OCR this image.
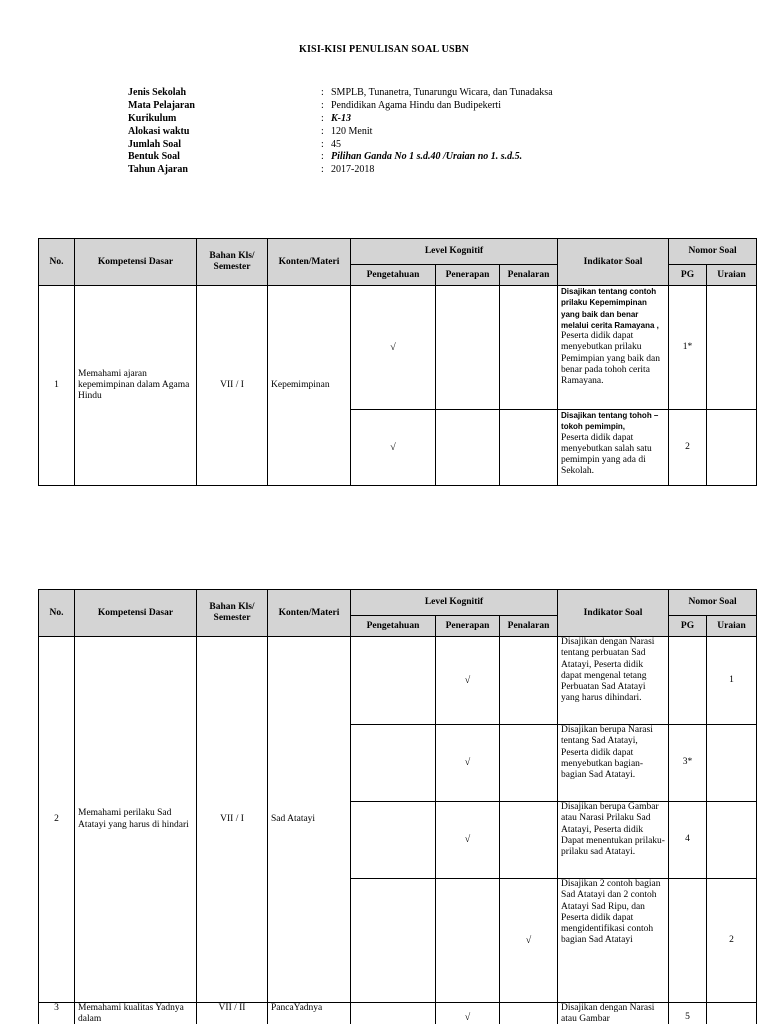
KISI-KISI PENULISAN SOAL USBN
Jenis Sekolah	: SMPLB, Tunanetra, Tunarungu Wicara, dan Tunadaksa
Mata Pelajaran	: Pendidikan Agama Hindu dan Budipekerti
Kurikulum	: K-13
Alokasi waktu	: 120 Menit
Jumlah Soal	: 45
Bentuk Soal	: Pilihan Ganda No 1 s.d.40 /Uraian no 1. s.d.5.
Tahun Ajaran	: 2017-2018
No.	Kompetensi Dasar	Bahan Kls/ Semester	Konten/Materi	Level Kognitif			Indikator Soal	Nomor Soal	
				Pengetahuan	Penerapan	Penalaran		PG	Uraian
1	Memahami ajaran kepemimpinan dalam Agama Hindu	VII / I	Kepemimpinan	√			Disajikan tentang contoh prilaku Kepemimpinan yang baik dan benar melalui cerita Ramayana ,
Peserta didik dapat menyebutkan prilaku Pemimpian yang baik dan benar pada tohoh cerita Ramayana.	1*	
				√			Disajikan tentang tohoh – tokoh pemimpin,
Peserta didik dapat menyebutkan salah satu pemimpin yang ada di Sekolah.	2	
No.	Kompetensi Dasar	Bahan Kls/ Semester	Konten/Materi	Level Kognitif			Indikator Soal	Nomor Soal	
				Pengetahuan	Penerapan	Penalaran		PG	Uraian
2	Memahami perilaku Sad Atatayi yang harus di hindari	VII / I	Sad Atatayi		√		Disajikan dengan Narasi tentang perbuatan Sad Atatayi, Peserta didik dapat mengenal tetang Perbuatan Sad Atatayi yang harus dihindari.		1
					√		Disajikan berupa Narasi tentang Sad Atatayi, Peserta didik dapat menyebutkan bagian-bagian Sad Atatayi.	3*	
					√		Disajikan berupa Gambar atau Narasi Prilaku Sad Atatayi, Peserta didik Dapat menentukan prilaku-prilaku sad Atatayi.	4	
						√	Disajikan 2 contoh bagian Sad Atatayi dan 2 contoh Atatayi Sad Ripu, dan Peserta didik dapat mengidentifikasi contoh bagian Sad Atatayi		2
3	Memahami kualitas Yadnya dalam	VII / II	PancaYadnya		√		Disajikan dengan Narasi atau Gambar	5	
